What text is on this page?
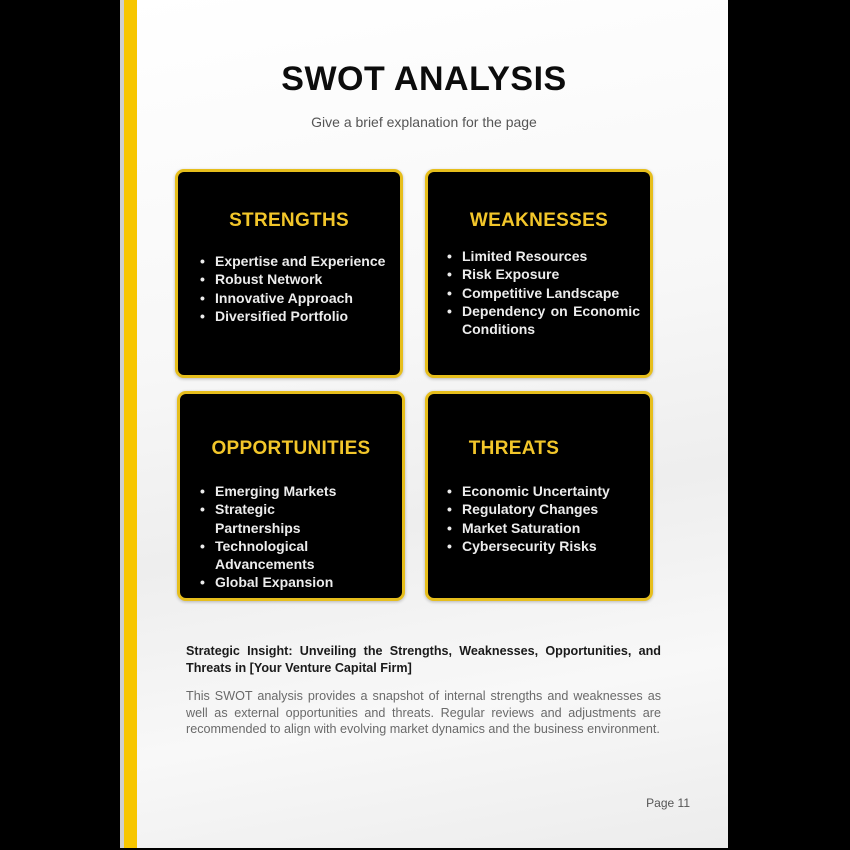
SWOT ANALYSIS
Give a brief explanation for the page
STRENGTHS
• Expertise and Experience
• Robust Network
• Innovative Approach
• Diversified Portfolio
WEAKNESSES
• Limited Resources
• Risk Exposure
• Competitive Landscape
• Dependency on Economic Conditions
OPPORTUNITIES
• Emerging Markets
• Strategic Partnerships
• Technological Advancements
• Global Expansion
THREATS
• Economic Uncertainty
• Regulatory Changes
• Market Saturation
• Cybersecurity Risks
Strategic Insight: Unveiling the Strengths, Weaknesses, Opportunities, and Threats in [Your Venture Capital Firm]
This SWOT analysis provides a snapshot of internal strengths and weaknesses as well as external opportunities and threats. Regular reviews and adjustments are recommended to align with evolving market dynamics and the business environment.
Page 11
